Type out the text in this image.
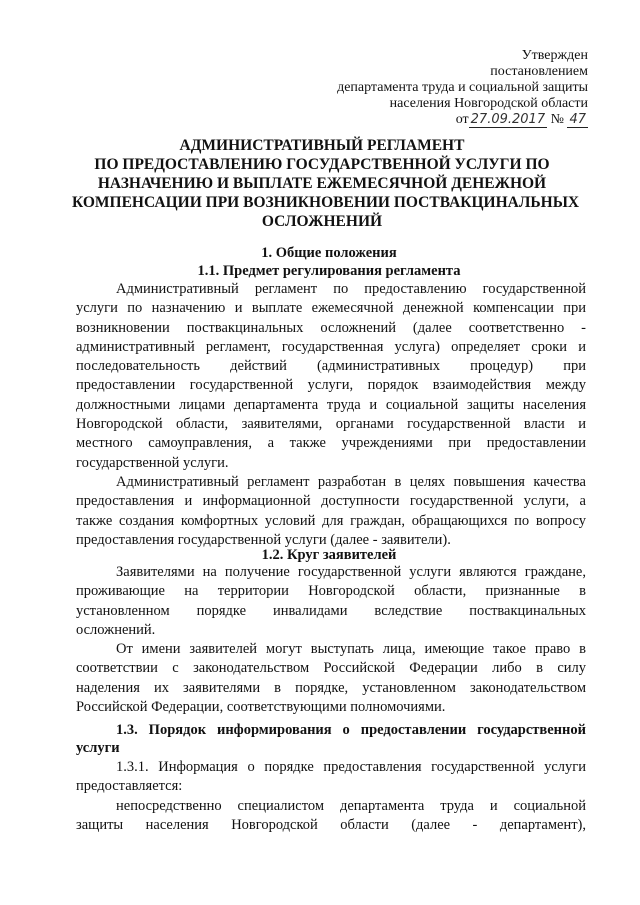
Утвержден
постановлением
департамента труда и социальной защиты
населения Новгородской области
от 27.09.2017 № 47
АДМИНИСТРАТИВНЫЙ РЕГЛАМЕНТ
ПО ПРЕДОСТАВЛЕНИЮ ГОСУДАРСТВЕННОЙ УСЛУГИ ПО
НАЗНАЧЕНИЮ И ВЫПЛАТЕ ЕЖЕМЕСЯЧНОЙ ДЕНЕЖНОЙ
КОМПЕНСАЦИИ ПРИ ВОЗНИКНОВЕНИИ ПОСТВАКЦИНАЛЬНЫХ
ОСЛОЖНЕНИЙ
1. Общие положения
1.1. Предмет регулирования регламента
Административный регламент по предоставлению государственной
услуги по назначению и выплате ежемесячной денежной компенсации при
возникновении поствакцинальных осложнений (далее соответственно -
административный регламент, государственная услуга) определяет сроки и
последовательность действий (административных процедур) при
предоставлении государственной услуги, порядок взаимодействия между
должностными лицами департамента труда и социальной защиты населения
Новгородской области, заявителями, органами государственной власти и
местного самоуправления, а также учреждениями при предоставлении
государственной услуги.
Административный регламент разработан в целях повышения качества
предоставления и информационной доступности государственной услуги, а
также создания комфортных условий для граждан, обращающихся по вопросу
предоставления государственной услуги (далее - заявители).
1.2. Круг заявителей
Заявителями на получение государственной услуги являются граждане,
проживающие на территории Новгородской области, признанные в
установленном порядке инвалидами вследствие поствакцинальных
осложнений.
От имени заявителей могут выступать лица, имеющие такое право в
соответствии с законодательством Российской Федерации либо в силу
наделения их заявителями в порядке, установленном законодательством
Российской Федерации, соответствующими полномочиями.
1.3. Порядок информирования о предоставлении государственной
услуги
1.3.1. Информация о порядке предоставления государственной услуги
предоставляется:
непосредственно специалистом департамента труда и социальной
защиты населения Новгородской области (далее - департамент),
